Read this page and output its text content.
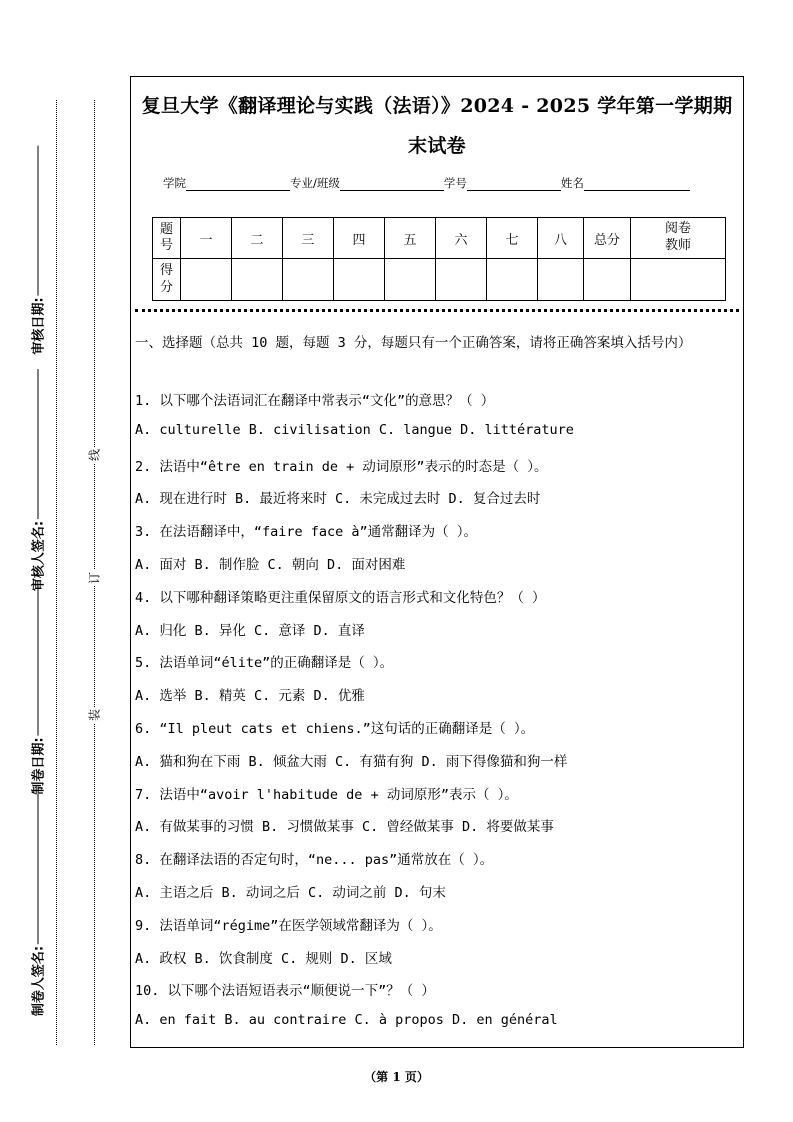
审核日期:
审核人签名:
制卷日期:
制卷人签名:
线
订
装
复旦大学《翻译理论与实践（法语）》2024 - 2025 学年第一学期期
末试卷
学院	专业/班级	学号	姓名
题号	一	二	三	四	五	六	七	八	总分	阅卷教师
得分										
一、选择题（总共 10 题，每题 3 分，每题只有一个正确答案，请将正确答案填入括号内）
1. 以下哪个法语词汇在翻译中常表示“文化”的意思？（ ）
A. culturelle B. civilisation C. langue D. littérature
2. 法语中“être en train de + 动词原形”表示的时态是（ ）。
A. 现在进行时 B. 最近将来时 C. 未完成过去时 D. 复合过去时
3. 在法语翻译中，“faire face à”通常翻译为（ ）。
A. 面对 B. 制作脸 C. 朝向 D. 面对困难
4. 以下哪种翻译策略更注重保留原文的语言形式和文化特色？（ ）
A. 归化 B. 异化 C. 意译 D. 直译
5. 法语单词“élite”的正确翻译是（ ）。
A. 选举 B. 精英 C. 元素 D. 优雅
6. “Il pleut cats et chiens.”这句话的正确翻译是（ ）。
A. 猫和狗在下雨 B. 倾盆大雨 C. 有猫有狗 D. 雨下得像猫和狗一样
7. 法语中“avoir l'habitude de + 动词原形”表示（ ）。
A. 有做某事的习惯 B. 习惯做某事 C. 曾经做某事 D. 将要做某事
8. 在翻译法语的否定句时，“ne... pas”通常放在（ ）。
A. 主语之后 B. 动词之后 C. 动词之前 D. 句末
9. 法语单词“régime”在医学领域常翻译为（ ）。
A. 政权 B. 饮食制度 C. 规则 D. 区域
10. 以下哪个法语短语表示“顺便说一下”？（ ）
A. en fait B. au contraire C. à propos D. en général
（第 1 页）
